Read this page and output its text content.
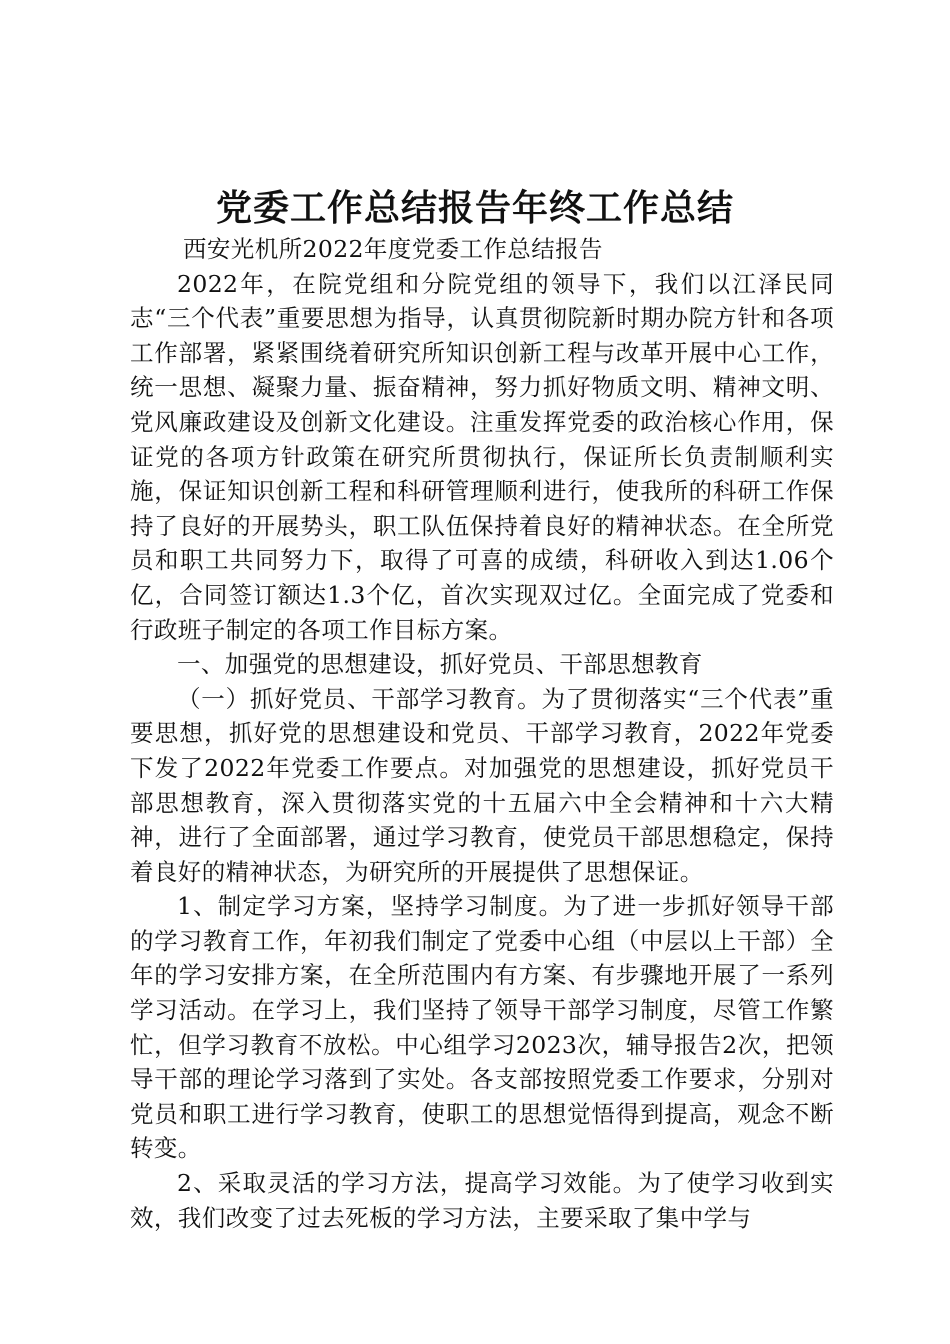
党委工作总结报告年终工作总结

西安光机所2022年度党委工作总结报告

2022年，在院党组和分院党组的领导下，我们以江泽民同志“三个代表”重要思想为指导，认真贯彻院新时期办院方针和各项工作部署，紧紧围绕着研究所知识创新工程与改革开展中心工作，统一思想、凝聚力量、振奋精神，努力抓好物质文明、精神文明、党风廉政建设及创新文化建设。注重发挥党委的政治核心作用，保证党的各项方针政策在研究所贯彻执行，保证所长负责制顺利实施，保证知识创新工程和科研管理顺利进行，使我所的科研工作保持了良好的开展势头，职工队伍保持着良好的精神状态。在全所党员和职工共同努力下，取得了可喜的成绩，科研收入到达1.06个亿，合同签订额达1.3个亿，首次实现双过亿。全面完成了党委和行政班子制定的各项工作目标方案。

一、加强党的思想建设，抓好党员、干部思想教育

（一）抓好党员、干部学习教育。为了贯彻落实“三个代表”重要思想，抓好党的思想建设和党员、干部学习教育，2022年党委下发了2022年党委工作要点。对加强党的思想建设，抓好党员干部思想教育，深入贯彻落实党的十五届六中全会精神和十六大精神，进行了全面部署，通过学习教育，使党员干部思想稳定，保持着良好的精神状态，为研究所的开展提供了思想保证。

1、制定学习方案，坚持学习制度。为了进一步抓好领导干部的学习教育工作，年初我们制定了党委中心组（中层以上干部）全年的学习安排方案，在全所范围内有方案、有步骤地开展了一系列学习活动。在学习上，我们坚持了领导干部学习制度，尽管工作繁忙，但学习教育不放松。中心组学习2023次，辅导报告2次，把领导干部的理论学习落到了实处。各支部按照党委工作要求，分别对党员和职工进行学习教育，使职工的思想觉悟得到提高，观念不断转变。

2、采取灵活的学习方法，提高学习效能。为了使学习收到实效，我们改变了过去死板的学习方法，主要采取了集中学与
